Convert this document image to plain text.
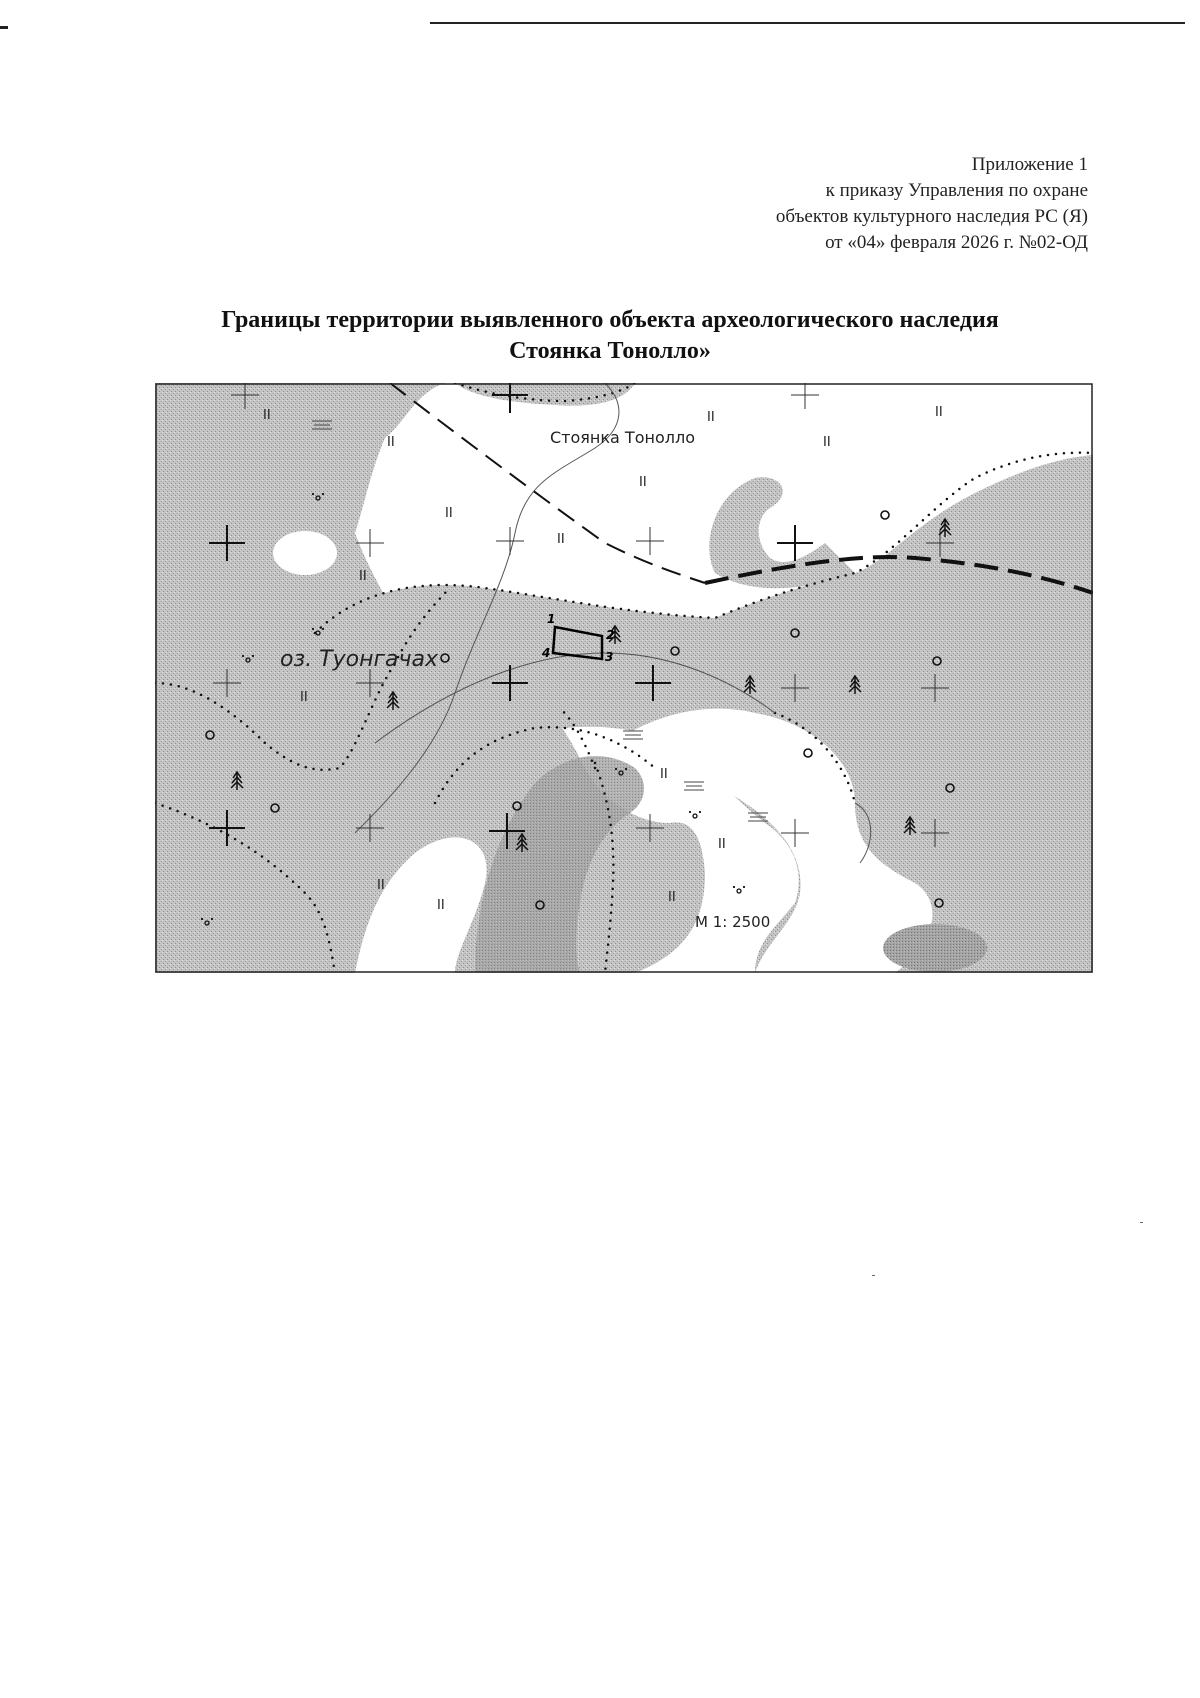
Приложение 1
к приказу Управления по охране
объектов культурного наследия РС (Я)
от «04» февраля 2026 г. №02-ОД
Границы территории выявленного объекта археологического наследия
Стоянка Тонолло»
II
II
II	II
II
II
II
II
II
II
II
II
II
II
II
1
2
3
4
Стоянка Тонолло
оз. Туонгачах
М 1: 2500
